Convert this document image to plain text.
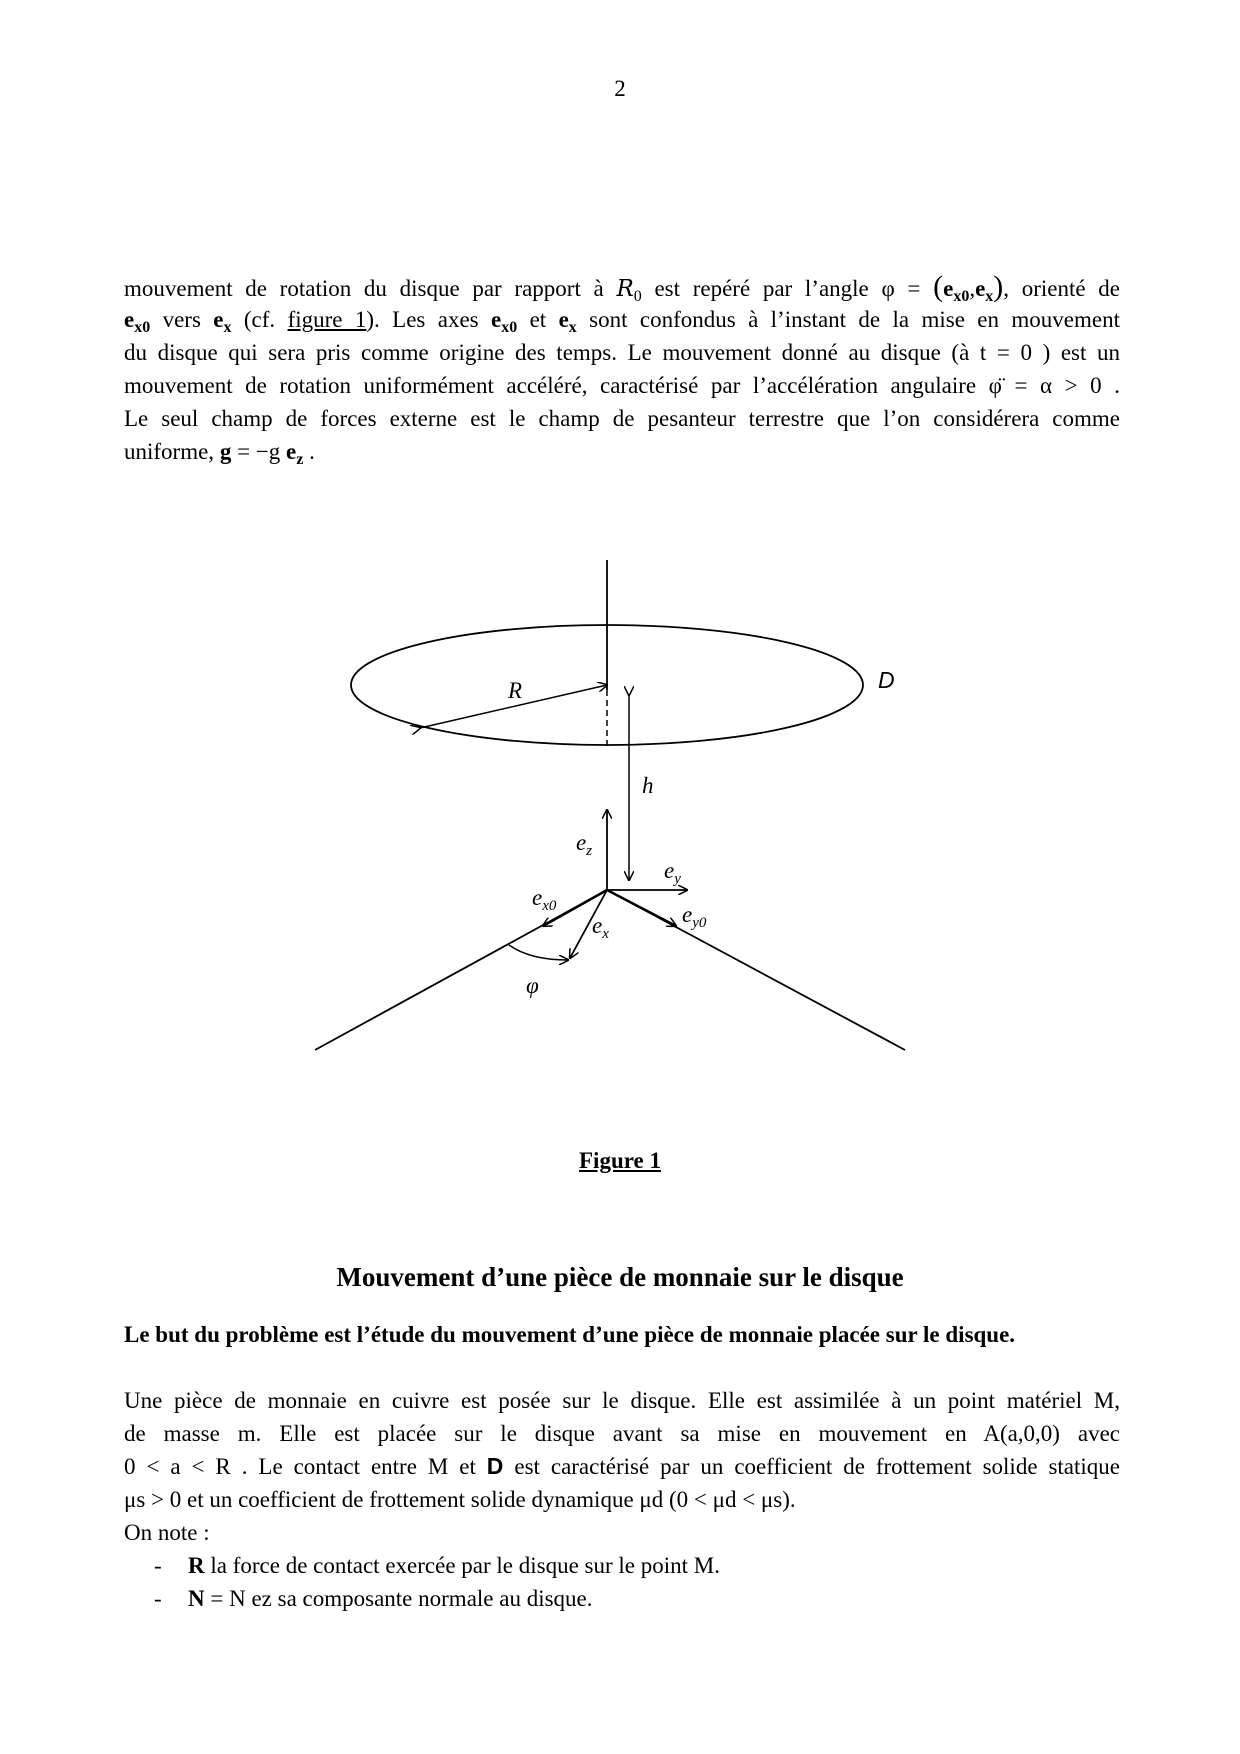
2
mouvement de rotation du disque par rapport à $R_0$ est repéré par l’angle $\varphi = (e_{x0},e_x)$, orienté de
$e_{x0}$ vers $e_x$ (cf. figure 1). Les axes $e_{x0}$ et $e_x$ sont confondus à l’instant de la mise en mouvement
du disque qui sera pris comme origine des temps. Le mouvement donné au disque (à t = 0 ) est un
mouvement de rotation uniformément accéléré, caractérisé par l’accélération angulaire φ̈ = α > 0 .
Le seul champ de forces externe est le champ de pesanteur terrestre que l’on considérera comme
uniforme, g = −g $e_z$ .
R	D
h
$e_z$
$e_y$
$e_{x0}$	$e_{y0}$
$e_x$
φ
Figure 1
Mouvement d’une pièce de monnaie sur le disque
Le but du problème est l’étude du mouvement d’une pièce de monnaie placée sur le disque.
Une pièce de monnaie en cuivre est posée sur le disque. Elle est assimilée à un point matériel M,
de masse m. Elle est placée sur le disque avant sa mise en mouvement en A(a,0,0) avec
0 < a < R . Le contact entre M et D est caractérisé par un coefficient de frottement solide statique
μs > 0 et un coefficient de frottement solide dynamique μd (0 < μd < μs).
On note :
- R la force de contact exercée par le disque sur le point M.
- N = N ez sa composante normale au disque.
